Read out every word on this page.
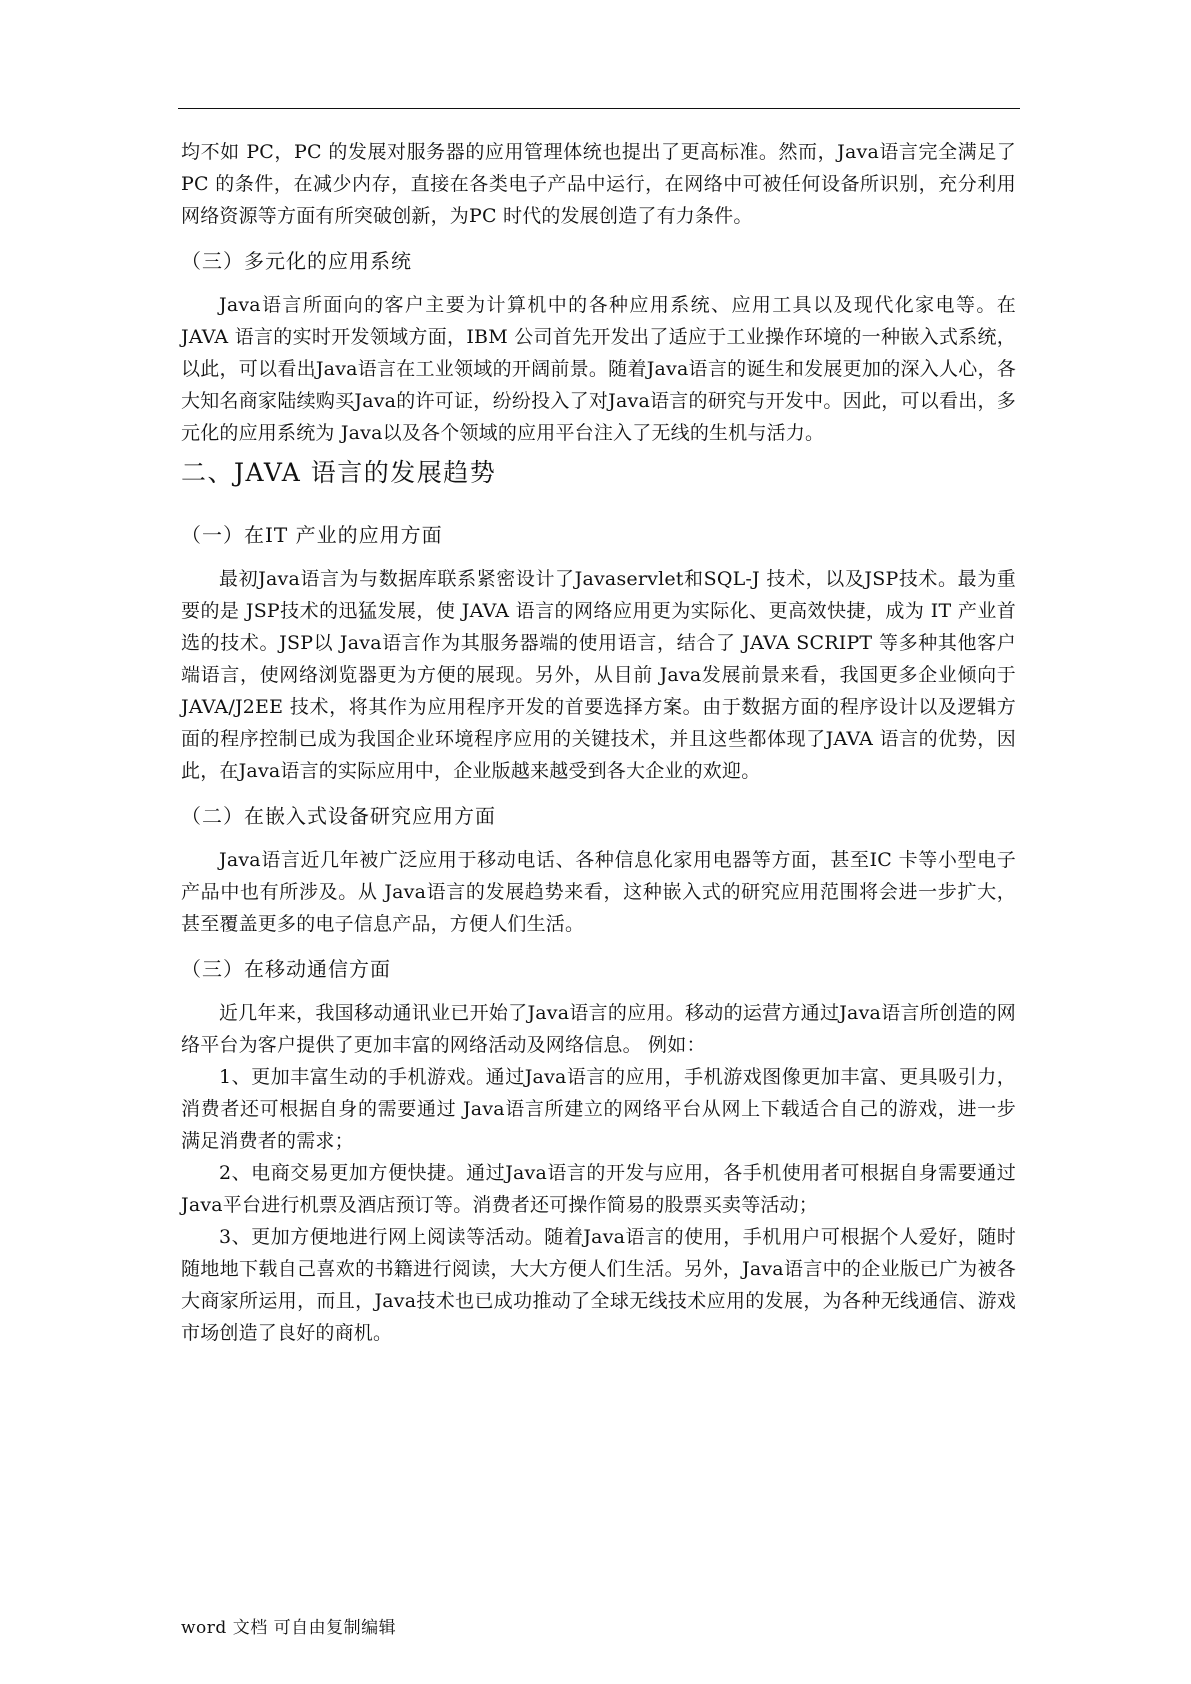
均不如 PC，PC 的发展对服务器的应用管理体统也提出了更高标准。然而，Java语言完全满足了PC 的条件，在减少内存，直接在各类电子产品中运行，在网络中可被任何设备所识别，充分利用网络资源等方面有所突破创新，为PC 时代的发展创造了有力条件。

（三）多元化的应用系统

Java语言所面向的客户主要为计算机中的各种应用系统、应用工具以及现代化家电等。在 JAVA 语言的实时开发领域方面，IBM 公司首先开发出了适应于工业操作环境的一种嵌入式系统，以此，可以看出Java语言在工业领域的开阔前景。随着Java语言的诞生和发展更加的深入人心，各大知名商家陆续购买Java的许可证，纷纷投入了对Java语言的研究与开发中。因此，可以看出，多元化的应用系统为 Java以及各个领域的应用平台注入了无线的生机与活力。

二、JAVA 语言的发展趋势

（一）在IT 产业的应用方面

最初Java语言为与数据库联系紧密设计了Javaservlet和SQL-J 技术，以及JSP技术。最为重要的是 JSP技术的迅猛发展，使 JAVA 语言的网络应用更为实际化、更高效快捷，成为 IT 产业首选的技术。JSP以 Java语言作为其服务器端的使用语言，结合了 JAVA SCRIPT 等多种其他客户端语言，使网络浏览器更为方便的展现。另外，从目前 Java发展前景来看，我国更多企业倾向于JAVA/J2EE 技术，将其作为应用程序开发的首要选择方案。由于数据方面的程序设计以及逻辑方面的程序控制已成为我国企业环境程序应用的关键技术，并且这些都体现了JAVA 语言的优势，因此，在Java语言的实际应用中，企业版越来越受到各大企业的欢迎。

（二）在嵌入式设备研究应用方面

Java语言近几年被广泛应用于移动电话、各种信息化家用电器等方面，甚至IC 卡等小型电子产品中也有所涉及。从 Java语言的发展趋势来看，这种嵌入式的研究应用范围将会进一步扩大，甚至覆盖更多的电子信息产品，方便人们生活。

（三）在移动通信方面

近几年来，我国移动通讯业已开始了Java语言的应用。移动的运营方通过Java语言所创造的网络平台为客户提供了更加丰富的网络活动及网络信息。 例如：

1、更加丰富生动的手机游戏。通过Java语言的应用，手机游戏图像更加丰富、更具吸引力，消费者还可根据自身的需要通过 Java语言所建立的网络平台从网上下载适合自己的游戏，进一步满足消费者的需求；

2、电商交易更加方便快捷。通过Java语言的开发与应用，各手机使用者可根据自身需要通过Java平台进行机票及酒店预订等。消费者还可操作简易的股票买卖等活动；

3、更加方便地进行网上阅读等活动。随着Java语言的使用，手机用户可根据个人爱好，随时随地地下载自己喜欢的书籍进行阅读，大大方便人们生活。另外，Java语言中的企业版已广为被各大商家所运用，而且，Java技术也已成功推动了全球无线技术应用的发展，为各种无线通信、游戏市场创造了良好的商机。

word 文档 可自由复制编辑
